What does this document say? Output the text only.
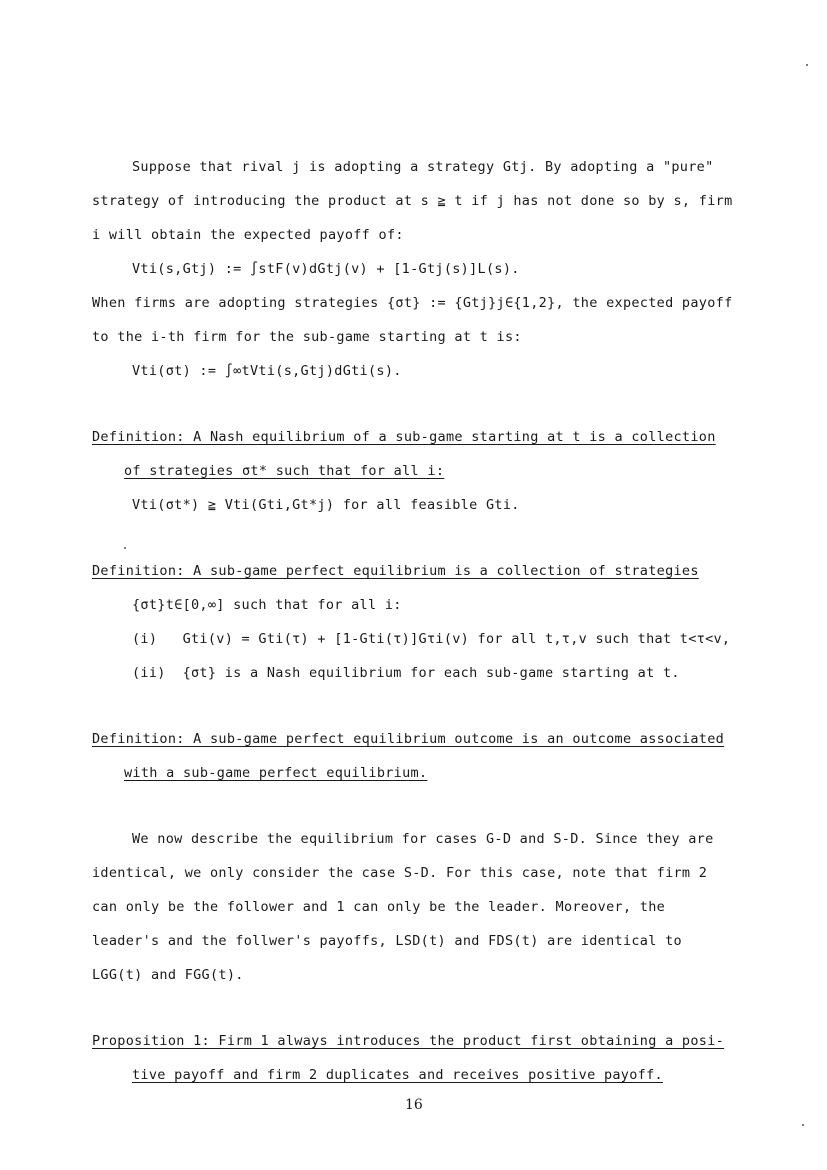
Suppose that rival j is adopting a strategy Gtj. By adopting a "pure"
strategy of introducing the product at s ≧ t if j has not done so by s, firm
i will obtain the expected payoff of:
Vti(s,Gtj) := ∫stF(v)dGtj(v) + [1-Gtj(s)]L(s).
When firms are adopting strategies {σt} := {Gtj}j∈{1,2}, the expected payoff
to the i-th firm for the sub-game starting at t is:
Vti(σt) := ∫∞tVti(s,Gtj)dGti(s).
Definition: A Nash equilibrium of a sub-game starting at t is a collection
of strategies σt* such that for all i:
Vti(σt*) ≧ Vti(Gti,Gt*j) for all feasible Gti.
Definition: A sub-game perfect equilibrium is a collection of strategies
{σt}t∈[0,∞] such that for all i:
(i)   Gti(v) = Gti(τ) + [1-Gti(τ)]Gτi(v) for all t,τ,v such that t<τ<v,
(ii)  {σt} is a Nash equilibrium for each sub-game starting at t.
Definition: A sub-game perfect equilibrium outcome is an outcome associated
with a sub-game perfect equilibrium.
We now describe the equilibrium for cases G-D and S-D. Since they are
identical, we only consider the case S-D. For this case, note that firm 2
can only be the follower and 1 can only be the leader. Moreover, the
leader's and the follwer's payoffs, LSD(t) and FDS(t) are identical to
LGG(t) and FGG(t).
Proposition 1: Firm 1 always introduces the product first obtaining a posi-
tive payoff and firm 2 duplicates and receives positive payoff.
16
